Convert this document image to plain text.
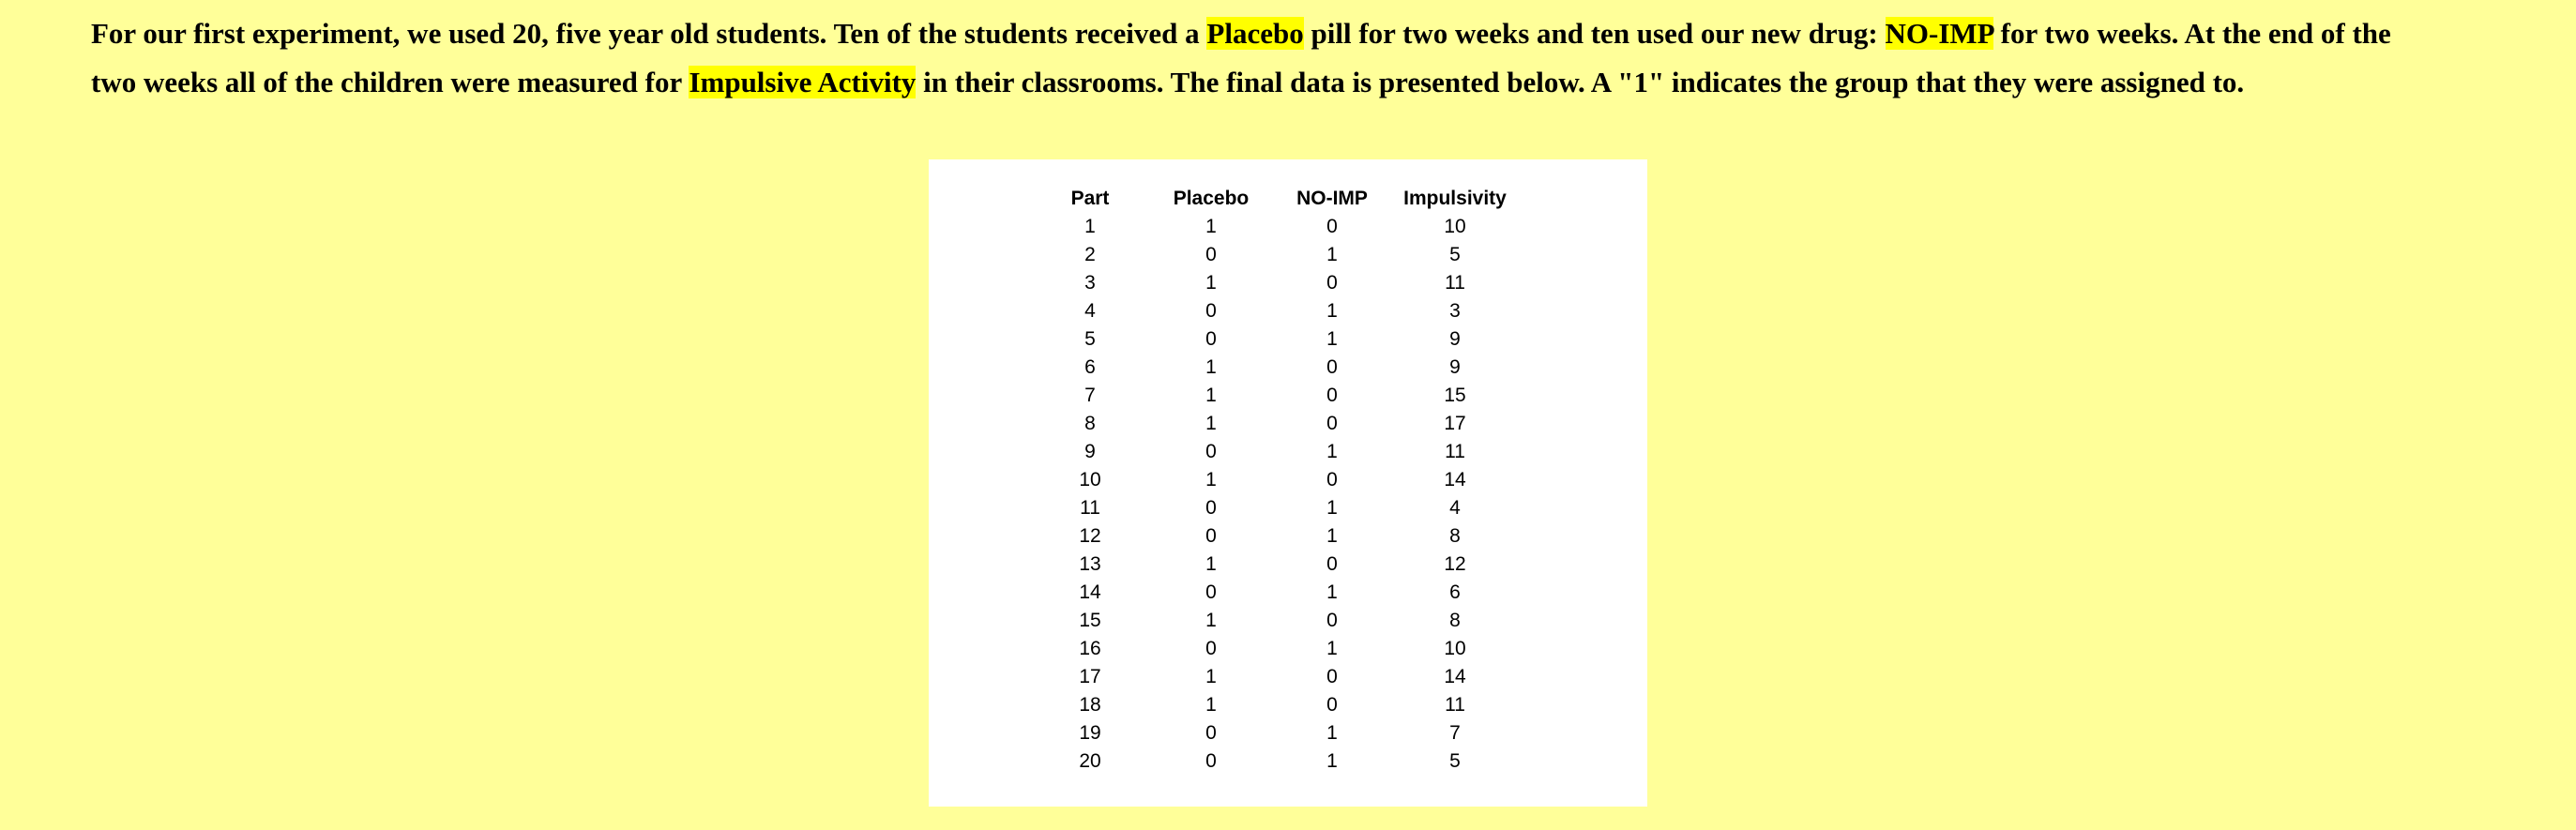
For our first experiment, we used 20, five year old students. Ten of the students received a Placebo pill for two weeks and ten used our new drug: NO-IMP for two weeks. At the end of the
two weeks all of the children were measured for Impulsive Activity in their classrooms. The final data is presented below. A "1" indicates the group that they were assigned to.

Part	Placebo	NO-IMP	Impulsivity
1	1	0	10
2	0	1	5
3	1	0	11
4	0	1	3
5	0	1	9
6	1	0	9
7	1	0	15
8	1	0	17
9	0	1	11
10	1	0	14
11	0	1	4
12	0	1	8
13	1	0	12
14	0	1	6
15	1	0	8
16	0	1	10
17	1	0	14
18	1	0	11
19	0	1	7
20	0	1	5
